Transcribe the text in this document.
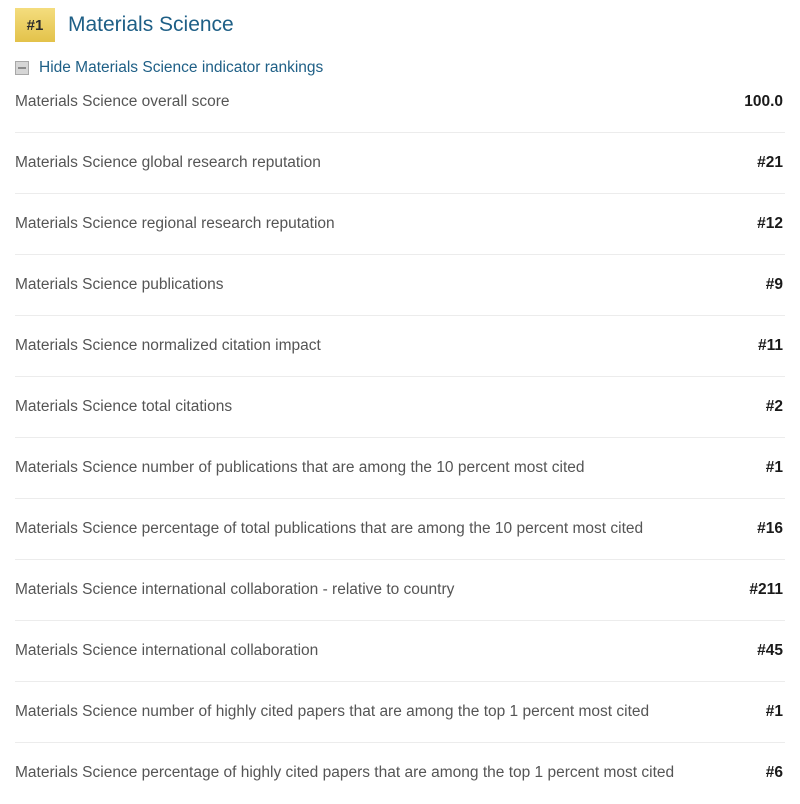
#1	Materials Science
Hide Materials Science indicator rankings
Materials Science overall score	100.0
Materials Science global research reputation	#21
Materials Science regional research reputation	#12
Materials Science publications	#9
Materials Science normalized citation impact	#11
Materials Science total citations	#2
Materials Science number of publications that are among the 10 percent most cited	#1
Materials Science percentage of total publications that are among the 10 percent most cited	#16
Materials Science international collaboration - relative to country	#211
Materials Science international collaboration	#45
Materials Science number of highly cited papers that are among the top 1 percent most cited	#1
Materials Science percentage of highly cited papers that are among the top 1 percent most cited	#6
